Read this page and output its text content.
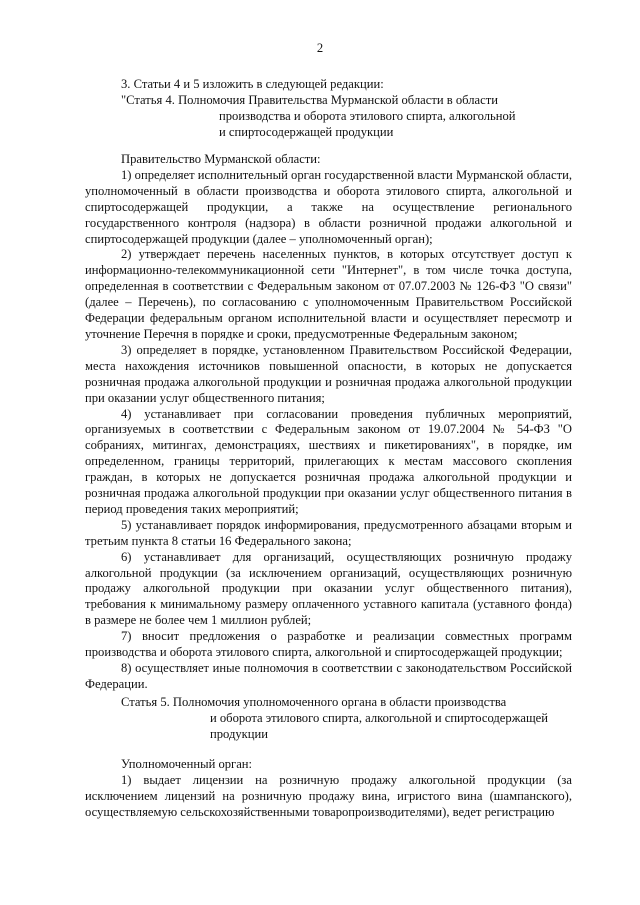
2

3. Статьи 4 и 5 изложить в следующей редакции:

"Статья 4. Полномочия Правительства Мурманской области в области
производства и оборота этилового спирта, алкогольной
и спиртосодержащей продукции

Правительство Мурманской области:

1) определяет исполнительный орган государственной власти Мурманской области, уполномоченный в области производства и оборота этилового спирта, алкогольной и спиртосодержащей продукции, а также на осуществление регионального государственного контроля (надзора) в области розничной продажи алкогольной и спиртосодержащей продукции (далее – уполномоченный орган);

2) утверждает перечень населенных пунктов, в которых отсутствует доступ к информационно-телекоммуникационной сети "Интернет", в том числе точка доступа, определенная в соответствии с Федеральным законом от 07.07.2003 № 126-ФЗ "О связи" (далее – Перечень), по согласованию с уполномоченным Правительством Российской Федерации федеральным органом исполнительной власти и осуществляет пересмотр и уточнение Перечня в порядке и сроки, предусмотренные Федеральным законом;

3) определяет в порядке, установленном Правительством Российской Федерации, места нахождения источников повышенной опасности, в которых не допускается розничная продажа алкогольной продукции и розничная продажа алкогольной продукции при оказании услуг общественного питания;

4) устанавливает при согласовании проведения публичных мероприятий, организуемых в соответствии с Федеральным законом от 19.07.2004 № 54-ФЗ "О собраниях, митингах, демонстрациях, шествиях и пикетированиях", в порядке, им определенном, границы территорий, прилегающих к местам массового скопления граждан, в которых не допускается розничная продажа алкогольной продукции и розничная продажа алкогольной продукции при оказании услуг общественного питания в период проведения таких мероприятий;

5) устанавливает порядок информирования, предусмотренного абзацами вторым и третьим пункта 8 статьи 16 Федерального закона;

6) устанавливает для организаций, осуществляющих розничную продажу алкогольной продукции (за исключением организаций, осуществляющих розничную продажу алкогольной продукции при оказании услуг общественного питания), требования к минимальному размеру оплаченного уставного капитала (уставного фонда) в размере не более чем 1 миллион рублей;

7) вносит предложения о разработке и реализации совместных программ производства и оборота этилового спирта, алкогольной и спиртосодержащей продукции;

8) осуществляет иные полномочия в соответствии с законодательством Российской Федерации.

Статья 5. Полномочия уполномоченного органа в области производства
и оборота этилового спирта, алкогольной и спиртосодержащей
продукции

Уполномоченный орган:

1) выдает лицензии на розничную продажу алкогольной продукции (за исключением лицензий на розничную продажу вина, игристого вина (шампанского), осуществляемую сельскохозяйственными товаропроизводителями), ведет регистрацию
